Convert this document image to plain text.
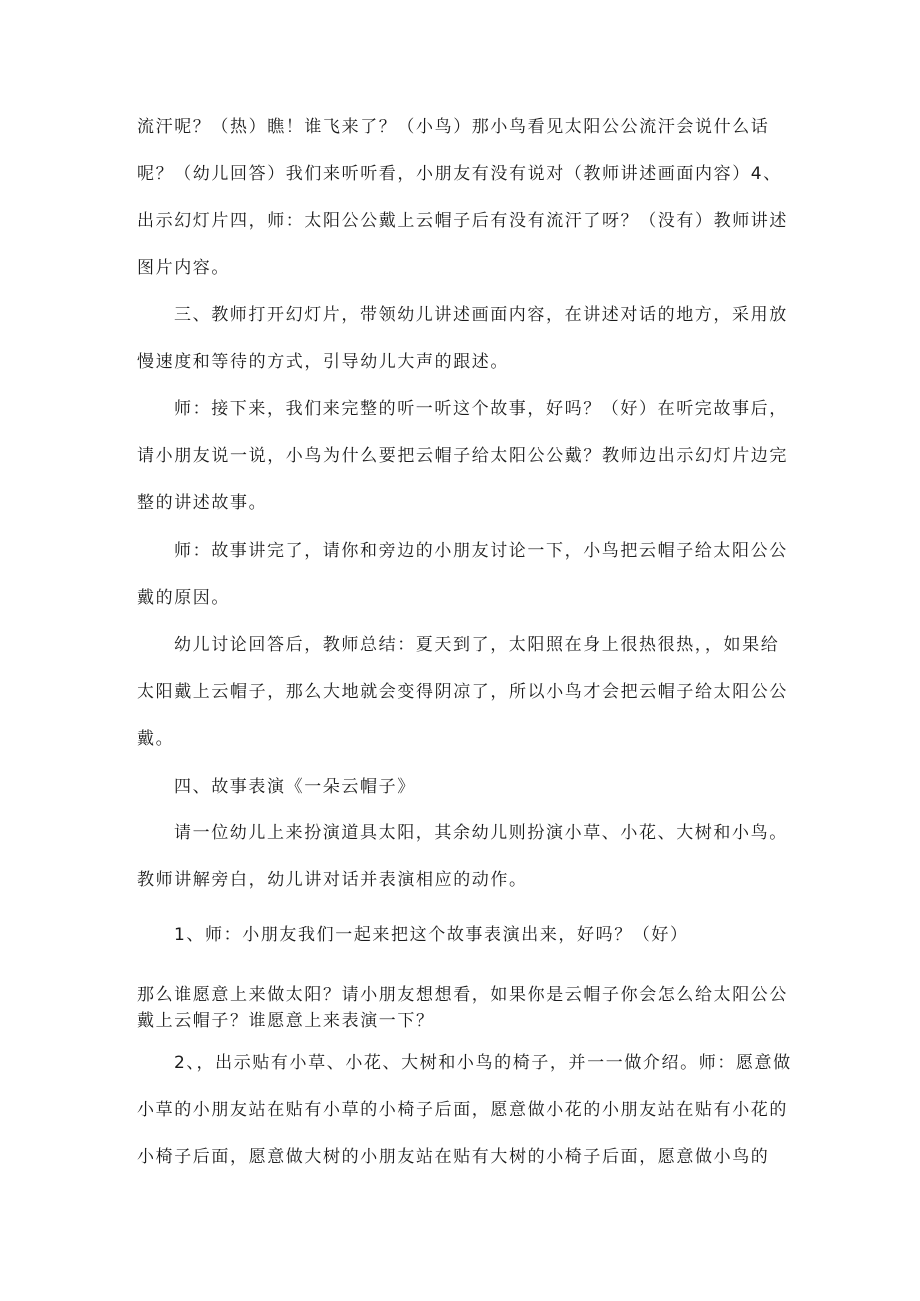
流汗呢？（热）瞧！谁飞来了？（小鸟）那小鸟看见太阳公公流汗会说什么话呢？（幼儿回答）我们来听听看，小朋友有没有说对（教师讲述画面内容）4、出示幻灯片四，师：太阳公公戴上云帽子后有没有流汗了呀？（没有）教师讲述图片内容。

三、教师打开幻灯片，带领幼儿讲述画面内容，在讲述对话的地方，采用放慢速度和等待的方式，引导幼儿大声的跟述。

师：接下来，我们来完整的听一听这个故事，好吗？（好）在听完故事后，请小朋友说一说，小鸟为什么要把云帽子给太阳公公戴？教师边出示幻灯片边完整的讲述故事。

师：故事讲完了，请你和旁边的小朋友讨论一下，小鸟把云帽子给太阳公公戴的原因。

幼儿讨论回答后，教师总结：夏天到了，太阳照在身上很热很热，，如果给太阳戴上云帽子，那么大地就会变得阴凉了，所以小鸟才会把云帽子给太阳公公戴。

四、故事表演《一朵云帽子》

请一位幼儿上来扮演道具太阳，其余幼儿则扮演小草、小花、大树和小鸟。教师讲解旁白，幼儿讲对话并表演相应的动作。

1、师：小朋友我们一起来把这个故事表演出来，好吗？（好）

那么谁愿意上来做太阳？请小朋友想想看，如果你是云帽子你会怎么给太阳公公戴上云帽子？谁愿意上来表演一下？

2、，出示贴有小草、小花、大树和小鸟的椅子，并一一做介绍。师：愿意做小草的小朋友站在贴有小草的小椅子后面，愿意做小花的小朋友站在贴有小花的小椅子后面，愿意做大树的小朋友站在贴有大树的小椅子后面，愿意做小鸟的
